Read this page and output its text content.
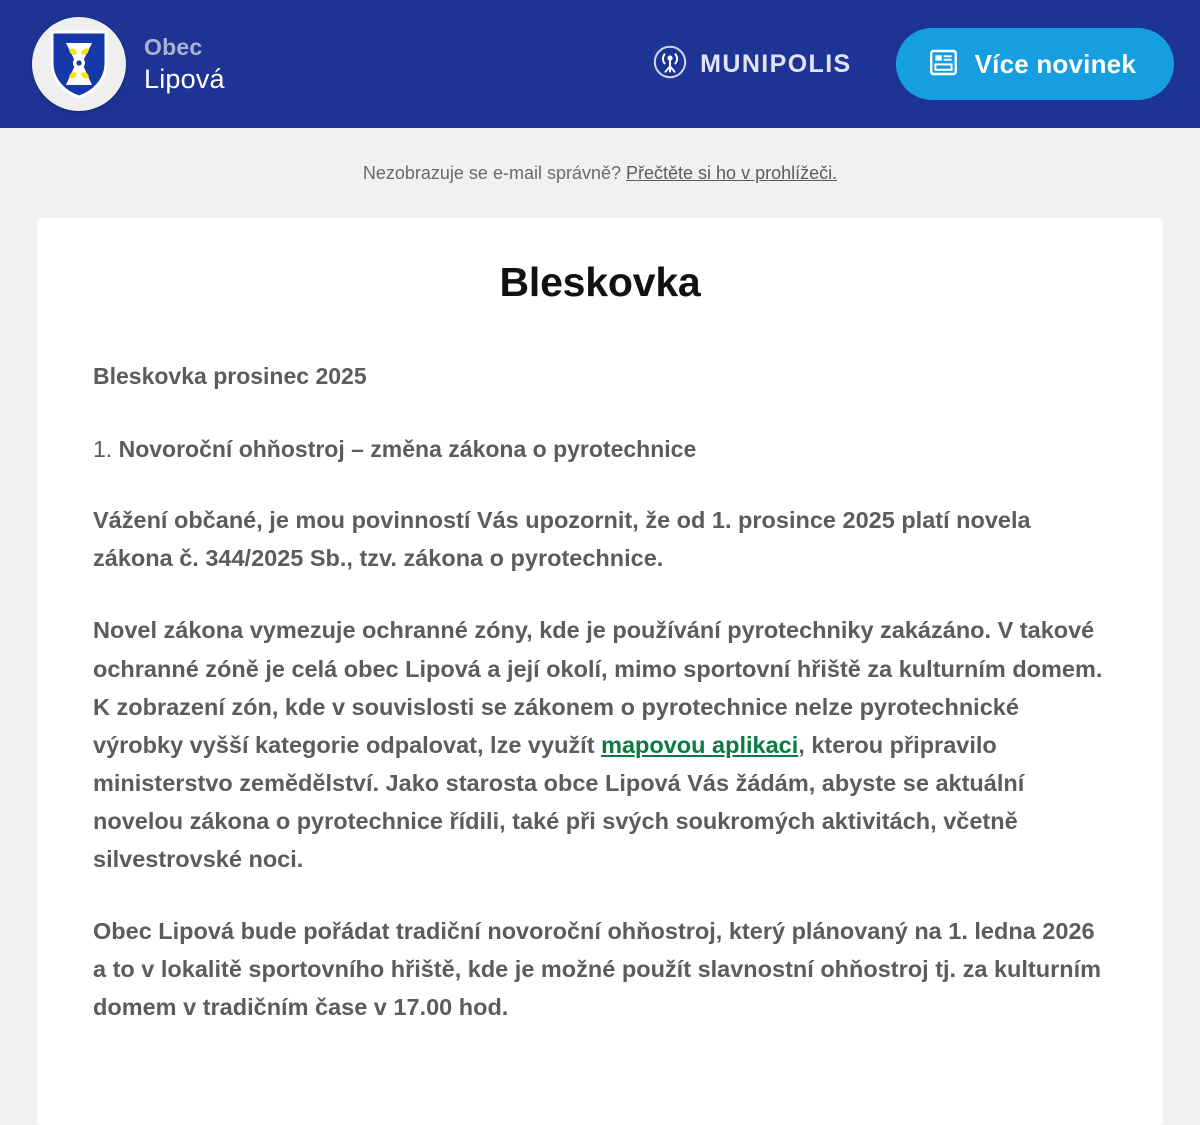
Obec
Lipová	MUNIPOLIS	Více novinek
Nezobrazuje se e-mail správně? Přečtěte si ho v prohlížeči.
Bleskovka

Bleskovka prosinec 2025

1. Novoroční ohňostroj – změna zákona o pyrotechnice

Vážení občané, je mou povinností Vás upozornit, že od 1. prosince 2025 platí novela zákona č. 344/2025 Sb., tzv. zákona o pyrotechnice.

Novel zákona vymezuje ochranné zóny, kde je používání pyrotechniky zakázáno. V takové ochranné zóně je celá obec Lipová a její okolí, mimo sportovní hřiště za kulturním domem. K zobrazení zón, kde v souvislosti se zákonem o pyrotechnice nelze pyrotechnické výrobky vyšší kategorie odpalovat, lze využít mapovou aplikaci, kterou připravilo ministerstvo zemědělství. Jako starosta obce Lipová Vás žádám, abyste se aktuální novelou zákona o pyrotechnice řídili, také při svých soukromých aktivitách, včetně silvestrovské noci.

Obec Lipová bude pořádat tradiční novoroční ohňostroj, který plánovaný na 1. ledna 2026 a to v lokalitě sportovního hřiště, kde je možné použít slavnostní ohňostroj tj. za kulturním domem v tradičním čase v 17.00 hod.
